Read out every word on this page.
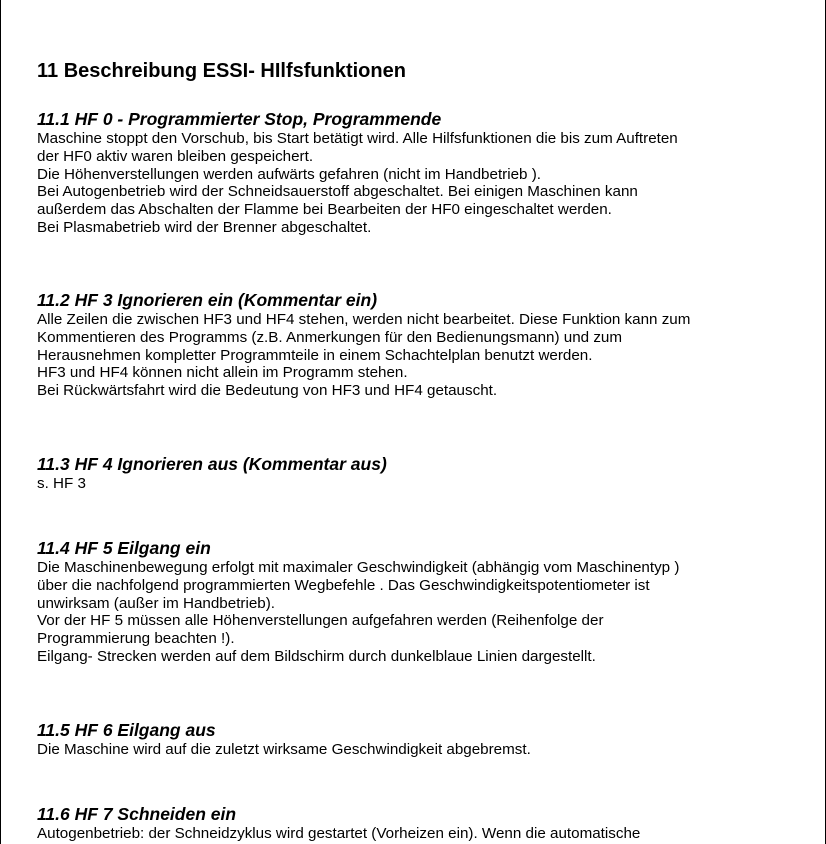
11 Beschreibung ESSI- HIlfsfunktionen
11.1 HF 0 - Programmierter Stop, Programmende

Maschine stoppt den Vorschub, bis Start betätigt wird. Alle Hilfsfunktionen die bis zum Auftreten
der HF0 aktiv waren bleiben gespeichert.
Die Höhenverstellungen werden aufwärts gefahren (nicht im Handbetrieb ).
Bei Autogenbetrieb wird der Schneidsauerstoff abgeschaltet. Bei einigen Maschinen kann
außerdem das Abschalten der Flamme bei Bearbeiten der HF0 eingeschaltet werden.
Bei Plasmabetrieb wird der Brenner abgeschaltet.

11.2 HF 3 Ignorieren ein (Kommentar ein)

Alle Zeilen die zwischen HF3 und HF4 stehen, werden nicht bearbeitet. Diese Funktion kann zum
Kommentieren des Programms (z.B. Anmerkungen für den Bedienungsmann) und zum
Herausnehmen kompletter Programmteile in einem Schachtelplan benutzt werden.
HF3 und HF4 können nicht allein im Programm stehen.
Bei Rückwärtsfahrt wird die Bedeutung von HF3 und HF4 getauscht.

11.3 HF 4 Ignorieren aus (Kommentar aus)

s. HF 3

11.4 HF 5 Eilgang ein

Die Maschinenbewegung erfolgt mit maximaler Geschwindigkeit (abhängig vom Maschinentyp )
über die nachfolgend programmierten Wegbefehle . Das Geschwindigkeitspotentiometer ist
unwirksam (außer im Handbetrieb).
Vor der HF 5 müssen alle Höhenverstellungen aufgefahren werden (Reihenfolge der
Programmierung beachten !).
Eilgang- Strecken werden auf dem Bildschirm durch dunkelblaue Linien dargestellt.

11.5 HF 6 Eilgang aus

Die Maschine wird auf die zuletzt wirksame Geschwindigkeit abgebremst.

11.6 HF 7 Schneiden ein

Autogenbetrieb: der Schneidzyklus wird gestartet (Vorheizen ein). Wenn die automatische
